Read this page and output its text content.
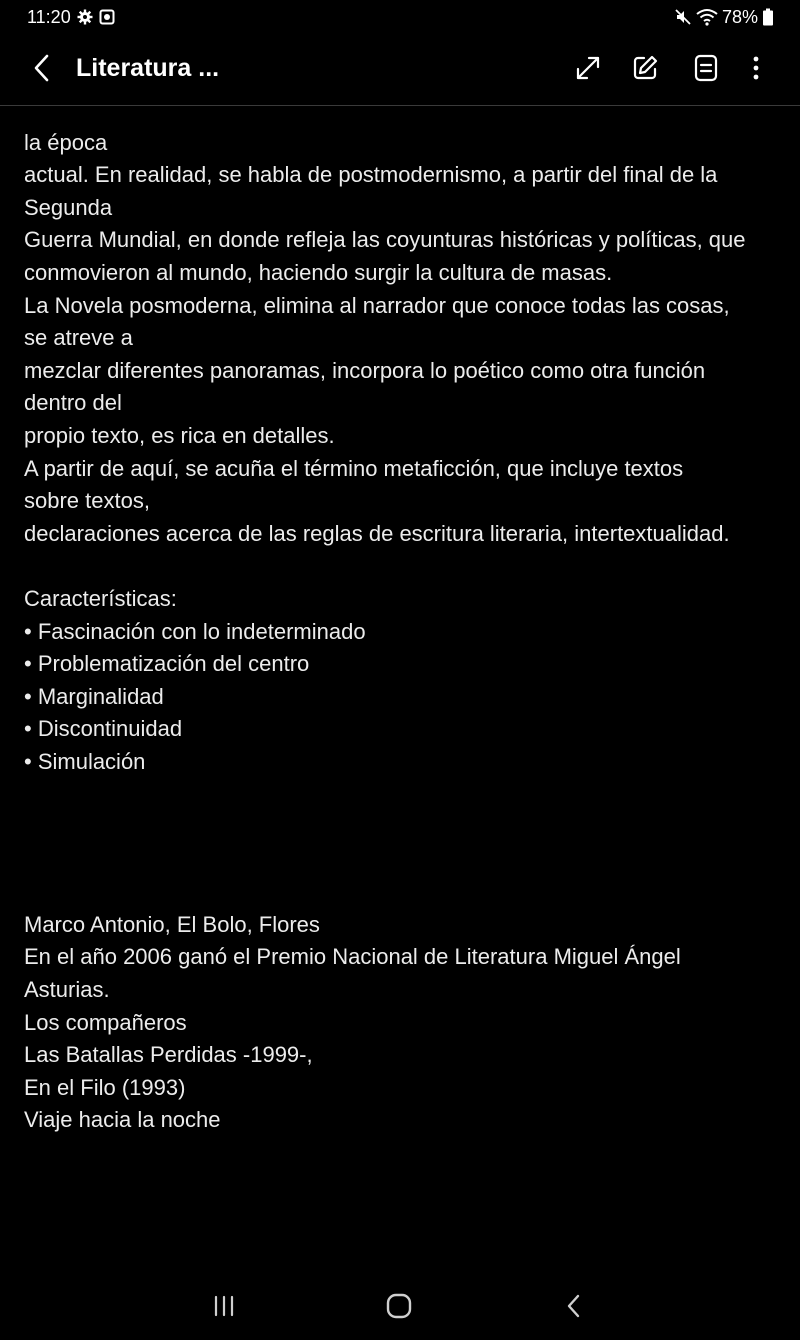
11:20	78%
Literatura ...
la época
actual. En realidad, se habla de postmodernismo, a partir del final de la
Segunda
Guerra Mundial, en donde refleja las coyunturas históricas y políticas, que
conmovieron al mundo, haciendo surgir la cultura de masas.
La Novela posmoderna, elimina al narrador que conoce todas las cosas,
se atreve a
mezclar diferentes panoramas, incorpora lo poético como otra función
dentro del
propio texto, es rica en detalles.
A partir de aquí, se acuña el término metaficción, que incluye textos
sobre textos,
declaraciones acerca de las reglas de escritura literaria, intertextualidad.
Características:
• Fascinación con lo indeterminado
• Problematización del centro
• Marginalidad
• Discontinuidad
• Simulación
Marco Antonio, El Bolo, Flores
En el año 2006 ganó el Premio Nacional de Literatura Miguel Ángel
Asturias.
Los compañeros
Las Batallas Perdidas -1999-,
En el Filo (1993)
Viaje hacia la noche
